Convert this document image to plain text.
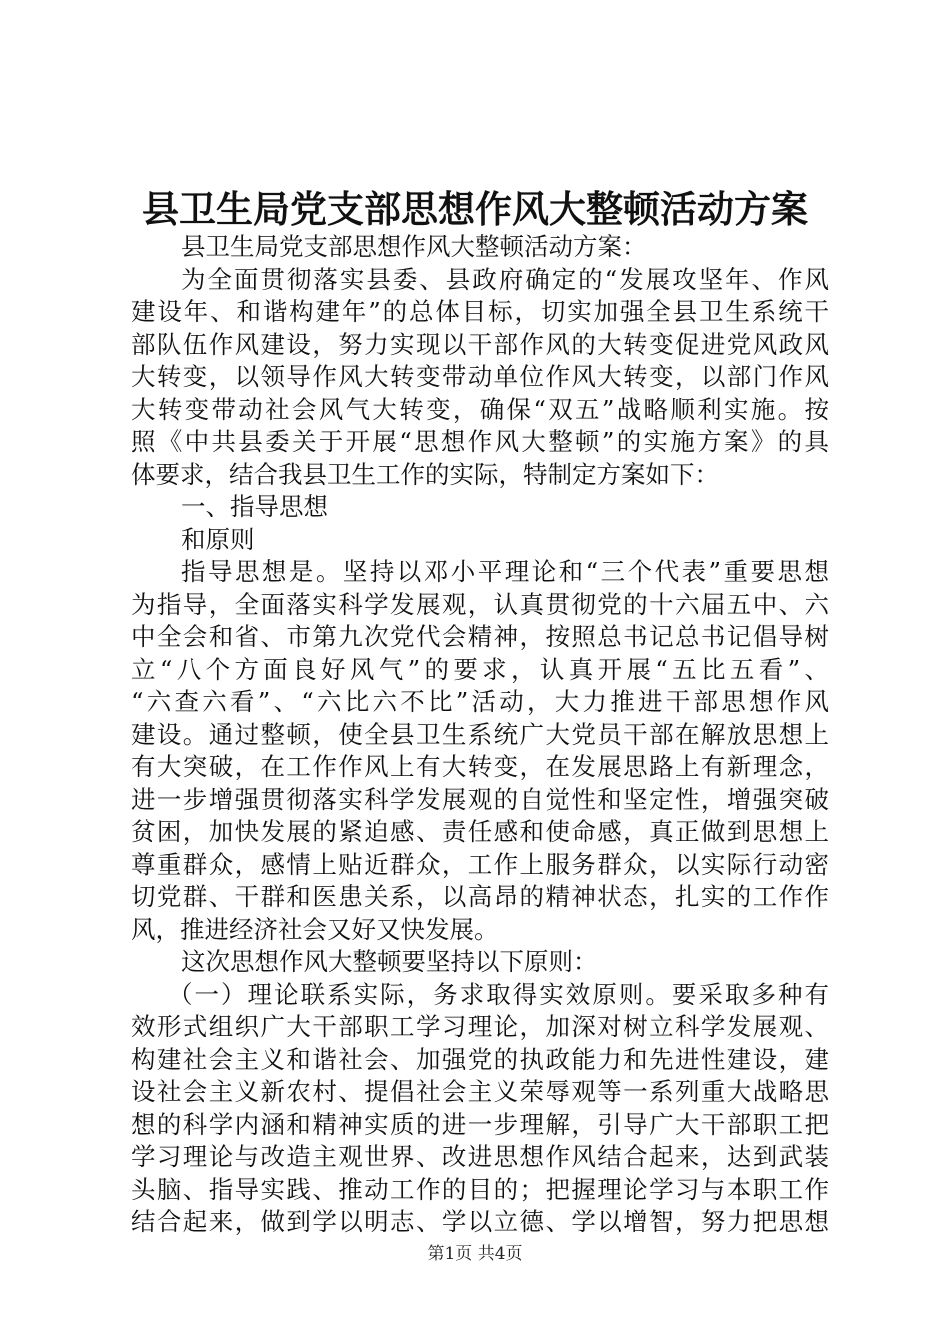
县卫生局党支部思想作风大整顿活动方案
县卫生局党支部思想作风大整顿活动方案：
为全面贯彻落实县委、县政府确定的“发展攻坚年、作风
建设年、和谐构建年”的总体目标，切实加强全县卫生系统干
部队伍作风建设，努力实现以干部作风的大转变促进党风政风
大转变，以领导作风大转变带动单位作风大转变，以部门作风
大转变带动社会风气大转变，确保“双五”战略顺利实施。按
照《中共县委关于开展“思想作风大整顿”的实施方案》的具
体要求，结合我县卫生工作的实际，特制定方案如下：
一、指导思想
和原则
指导思想是。坚持以邓小平理论和“三个代表”重要思想
为指导，全面落实科学发展观，认真贯彻党的十六届五中、六
中全会和省、市第九次党代会精神，按照总书记总书记倡导树
立“八个方面良好风气”的要求，认真开展“五比五看”、
“六查六看”、“六比六不比”活动，大力推进干部思想作风
建设。通过整顿，使全县卫生系统广大党员干部在解放思想上
有大突破，在工作作风上有大转变，在发展思路上有新理念，
进一步增强贯彻落实科学发展观的自觉性和坚定性，增强突破
贫困，加快发展的紧迫感、责任感和使命感，真正做到思想上
尊重群众，感情上贴近群众，工作上服务群众，以实际行动密
切党群、干群和医患关系，以高昂的精神状态，扎实的工作作
风，推进经济社会又好又快发展。
这次思想作风大整顿要坚持以下原则：
（一）理论联系实际，务求取得实效原则。要采取多种有
效形式组织广大干部职工学习理论，加深对树立科学发展观、
构建社会主义和谐社会、加强党的执政能力和先进性建设，建
设社会主义新农村、提倡社会主义荣辱观等一系列重大战略思
想的科学内涵和精神实质的进一步理解，引导广大干部职工把
学习理论与改造主观世界、改进思想作风结合起来，达到武装
头脑、指导实践、推动工作的目的；把握理论学习与本职工作
结合起来，做到学以明志、学以立德、学以增智，努力把思想
第1页 共4页
